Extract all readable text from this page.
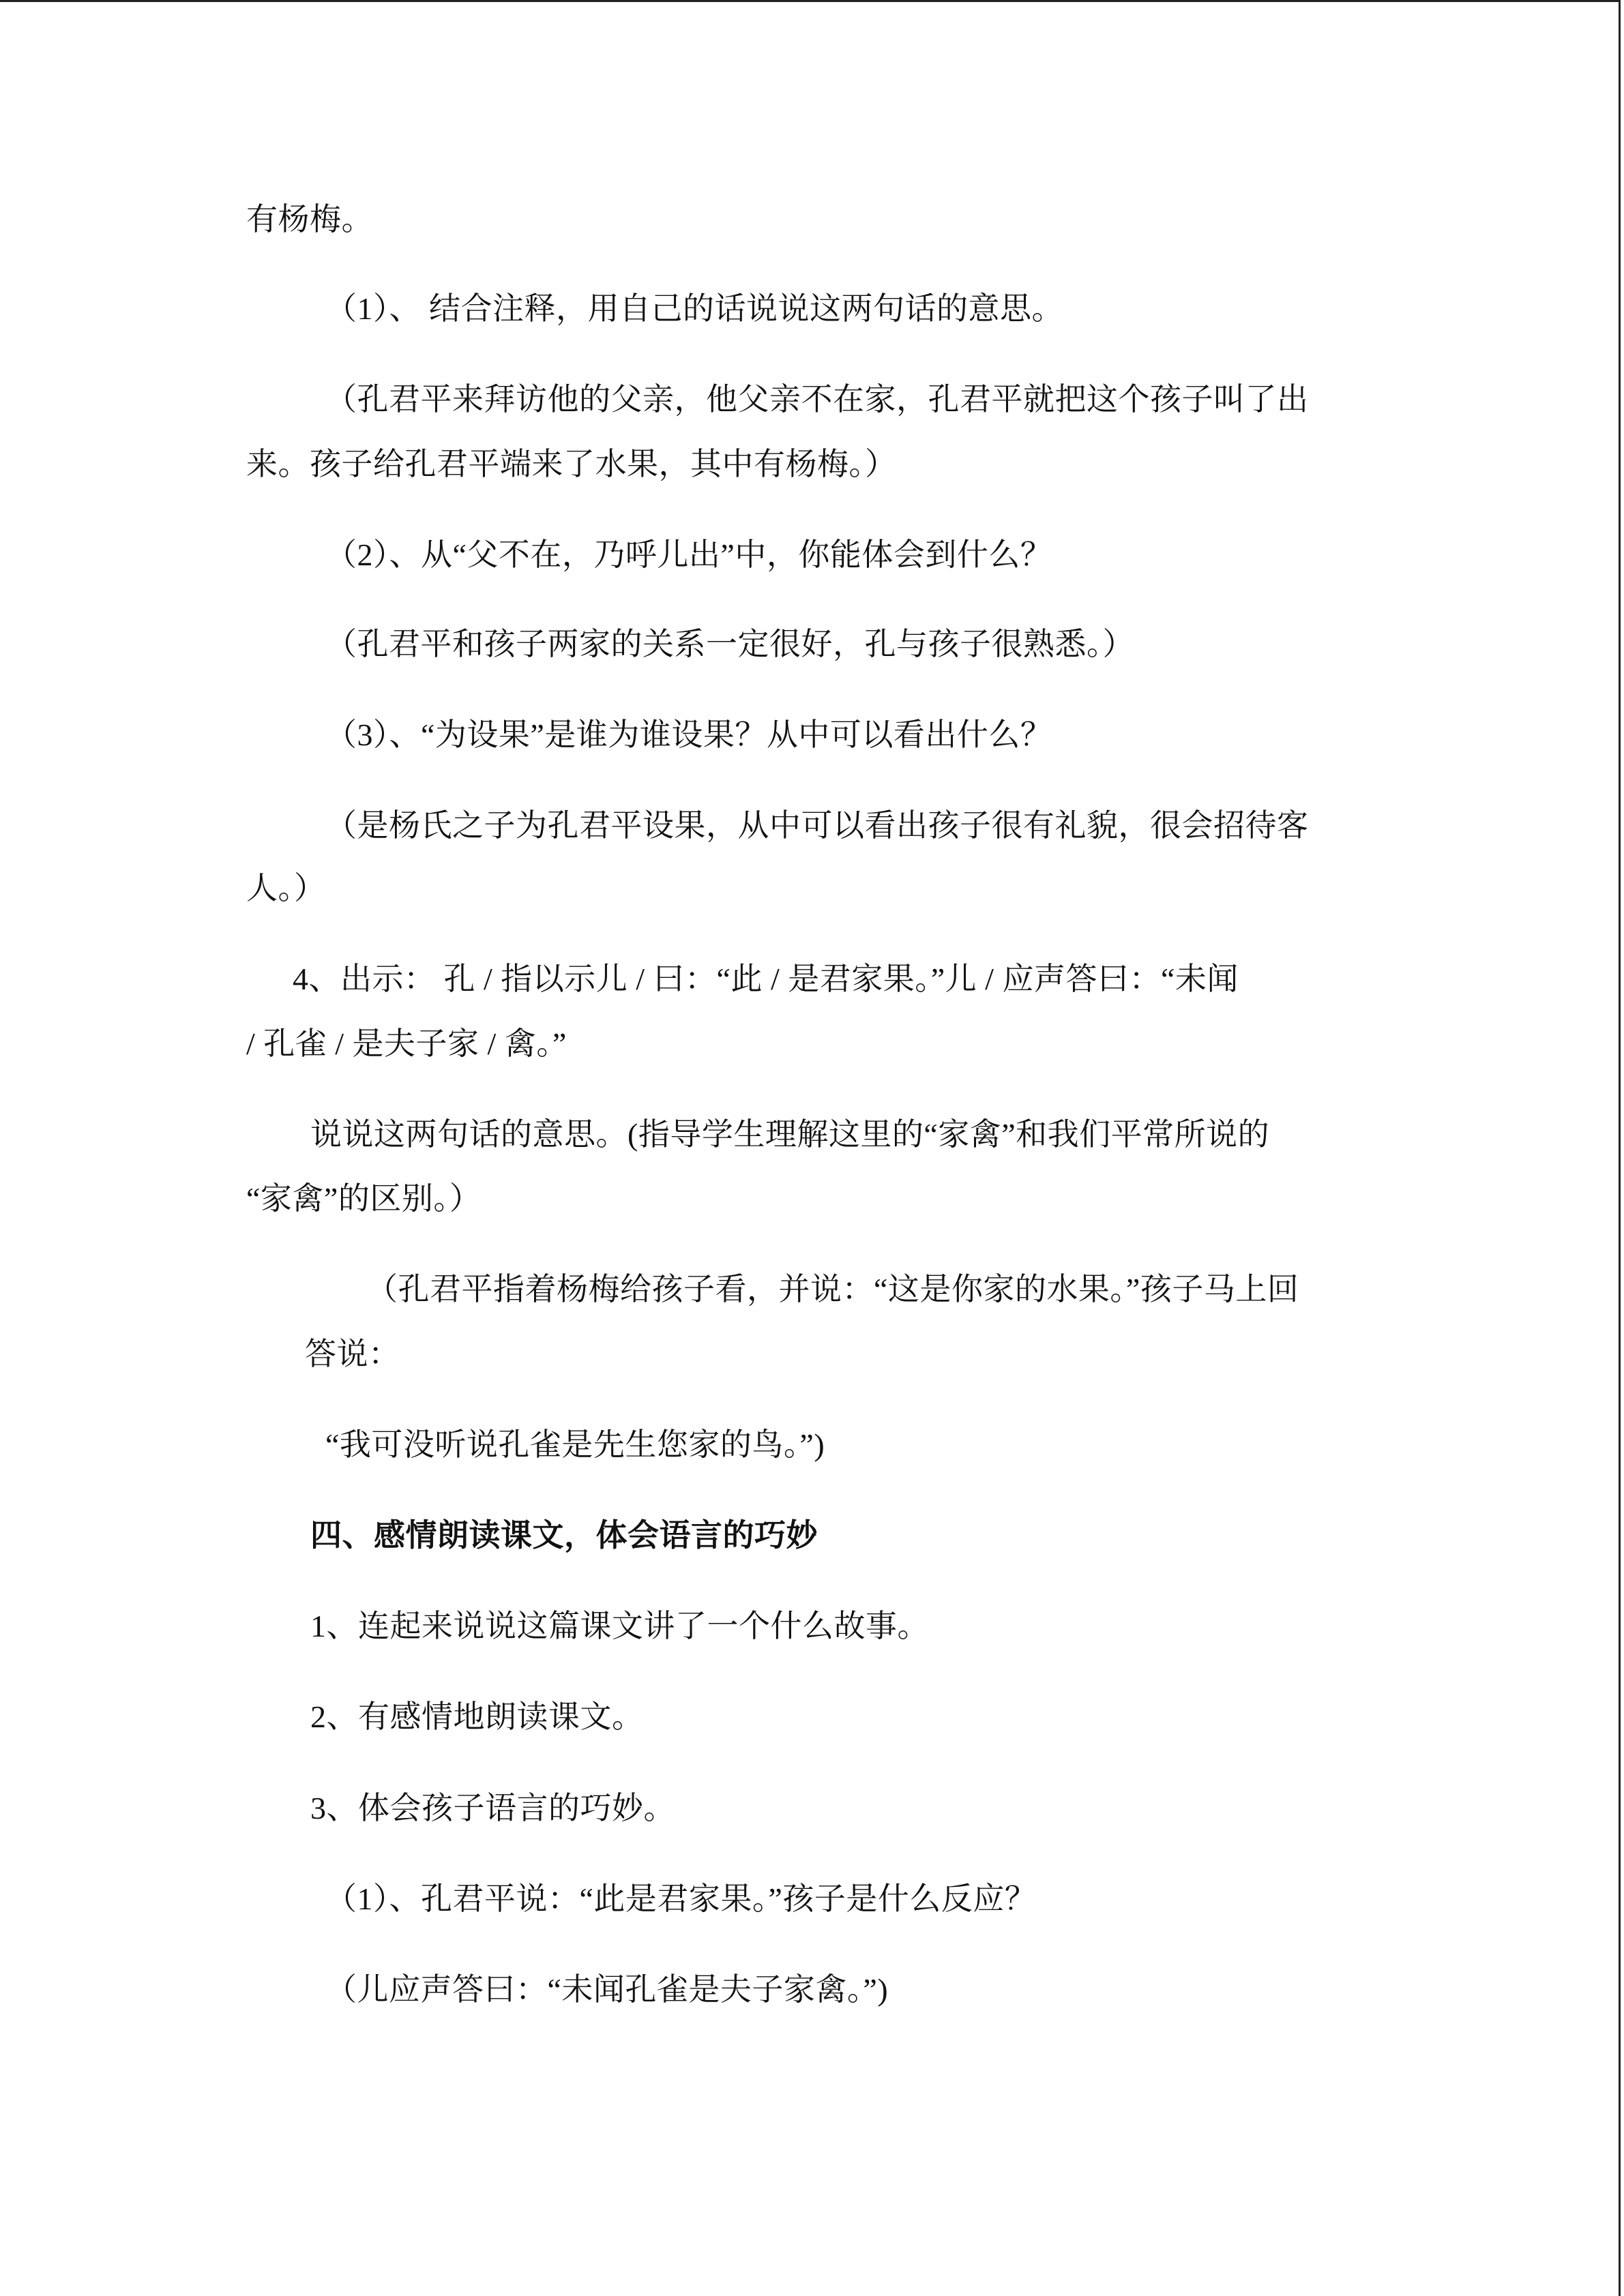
有杨梅。
（1）、 结合注释，用自己的话说说这两句话的意思。
（孔君平来拜访他的父亲，他父亲不在家，孔君平就把这个孩子叫了出
来。孩子给孔君平端来了水果，其中有杨梅。）
（2）、从“父不在，乃呼儿出”中，你能体会到什么？
（孔君平和孩子两家的关系一定很好，孔与孩子很熟悉。）
（3）、“为设果”是谁为谁设果？从中可以看出什么？
（是杨氏之子为孔君平设果，从中可以看出孩子很有礼貌，很会招待客
人。）
4、出示： 孔 / 指以示儿 / 曰：“此 / 是君家果。”儿 / 应声答曰：“未闻
/ 孔雀 / 是夫子家 / 禽。”
说说这两句话的意思。(指导学生理解这里的“家禽”和我们平常所说的
“家禽”的区别。）
（孔君平指着杨梅给孩子看，并说：“这是你家的水果。”孩子马上回
答说：
“我可没听说孔雀是先生您家的鸟。”)
四、感情朗读课文，体会语言的巧妙
1、连起来说说这篇课文讲了一个什么故事。
2、有感情地朗读课文。
3、体会孩子语言的巧妙。
（1）、孔君平说：“此是君家果。”孩子是什么反应？
（儿应声答曰：“未闻孔雀是夫子家禽。”)
